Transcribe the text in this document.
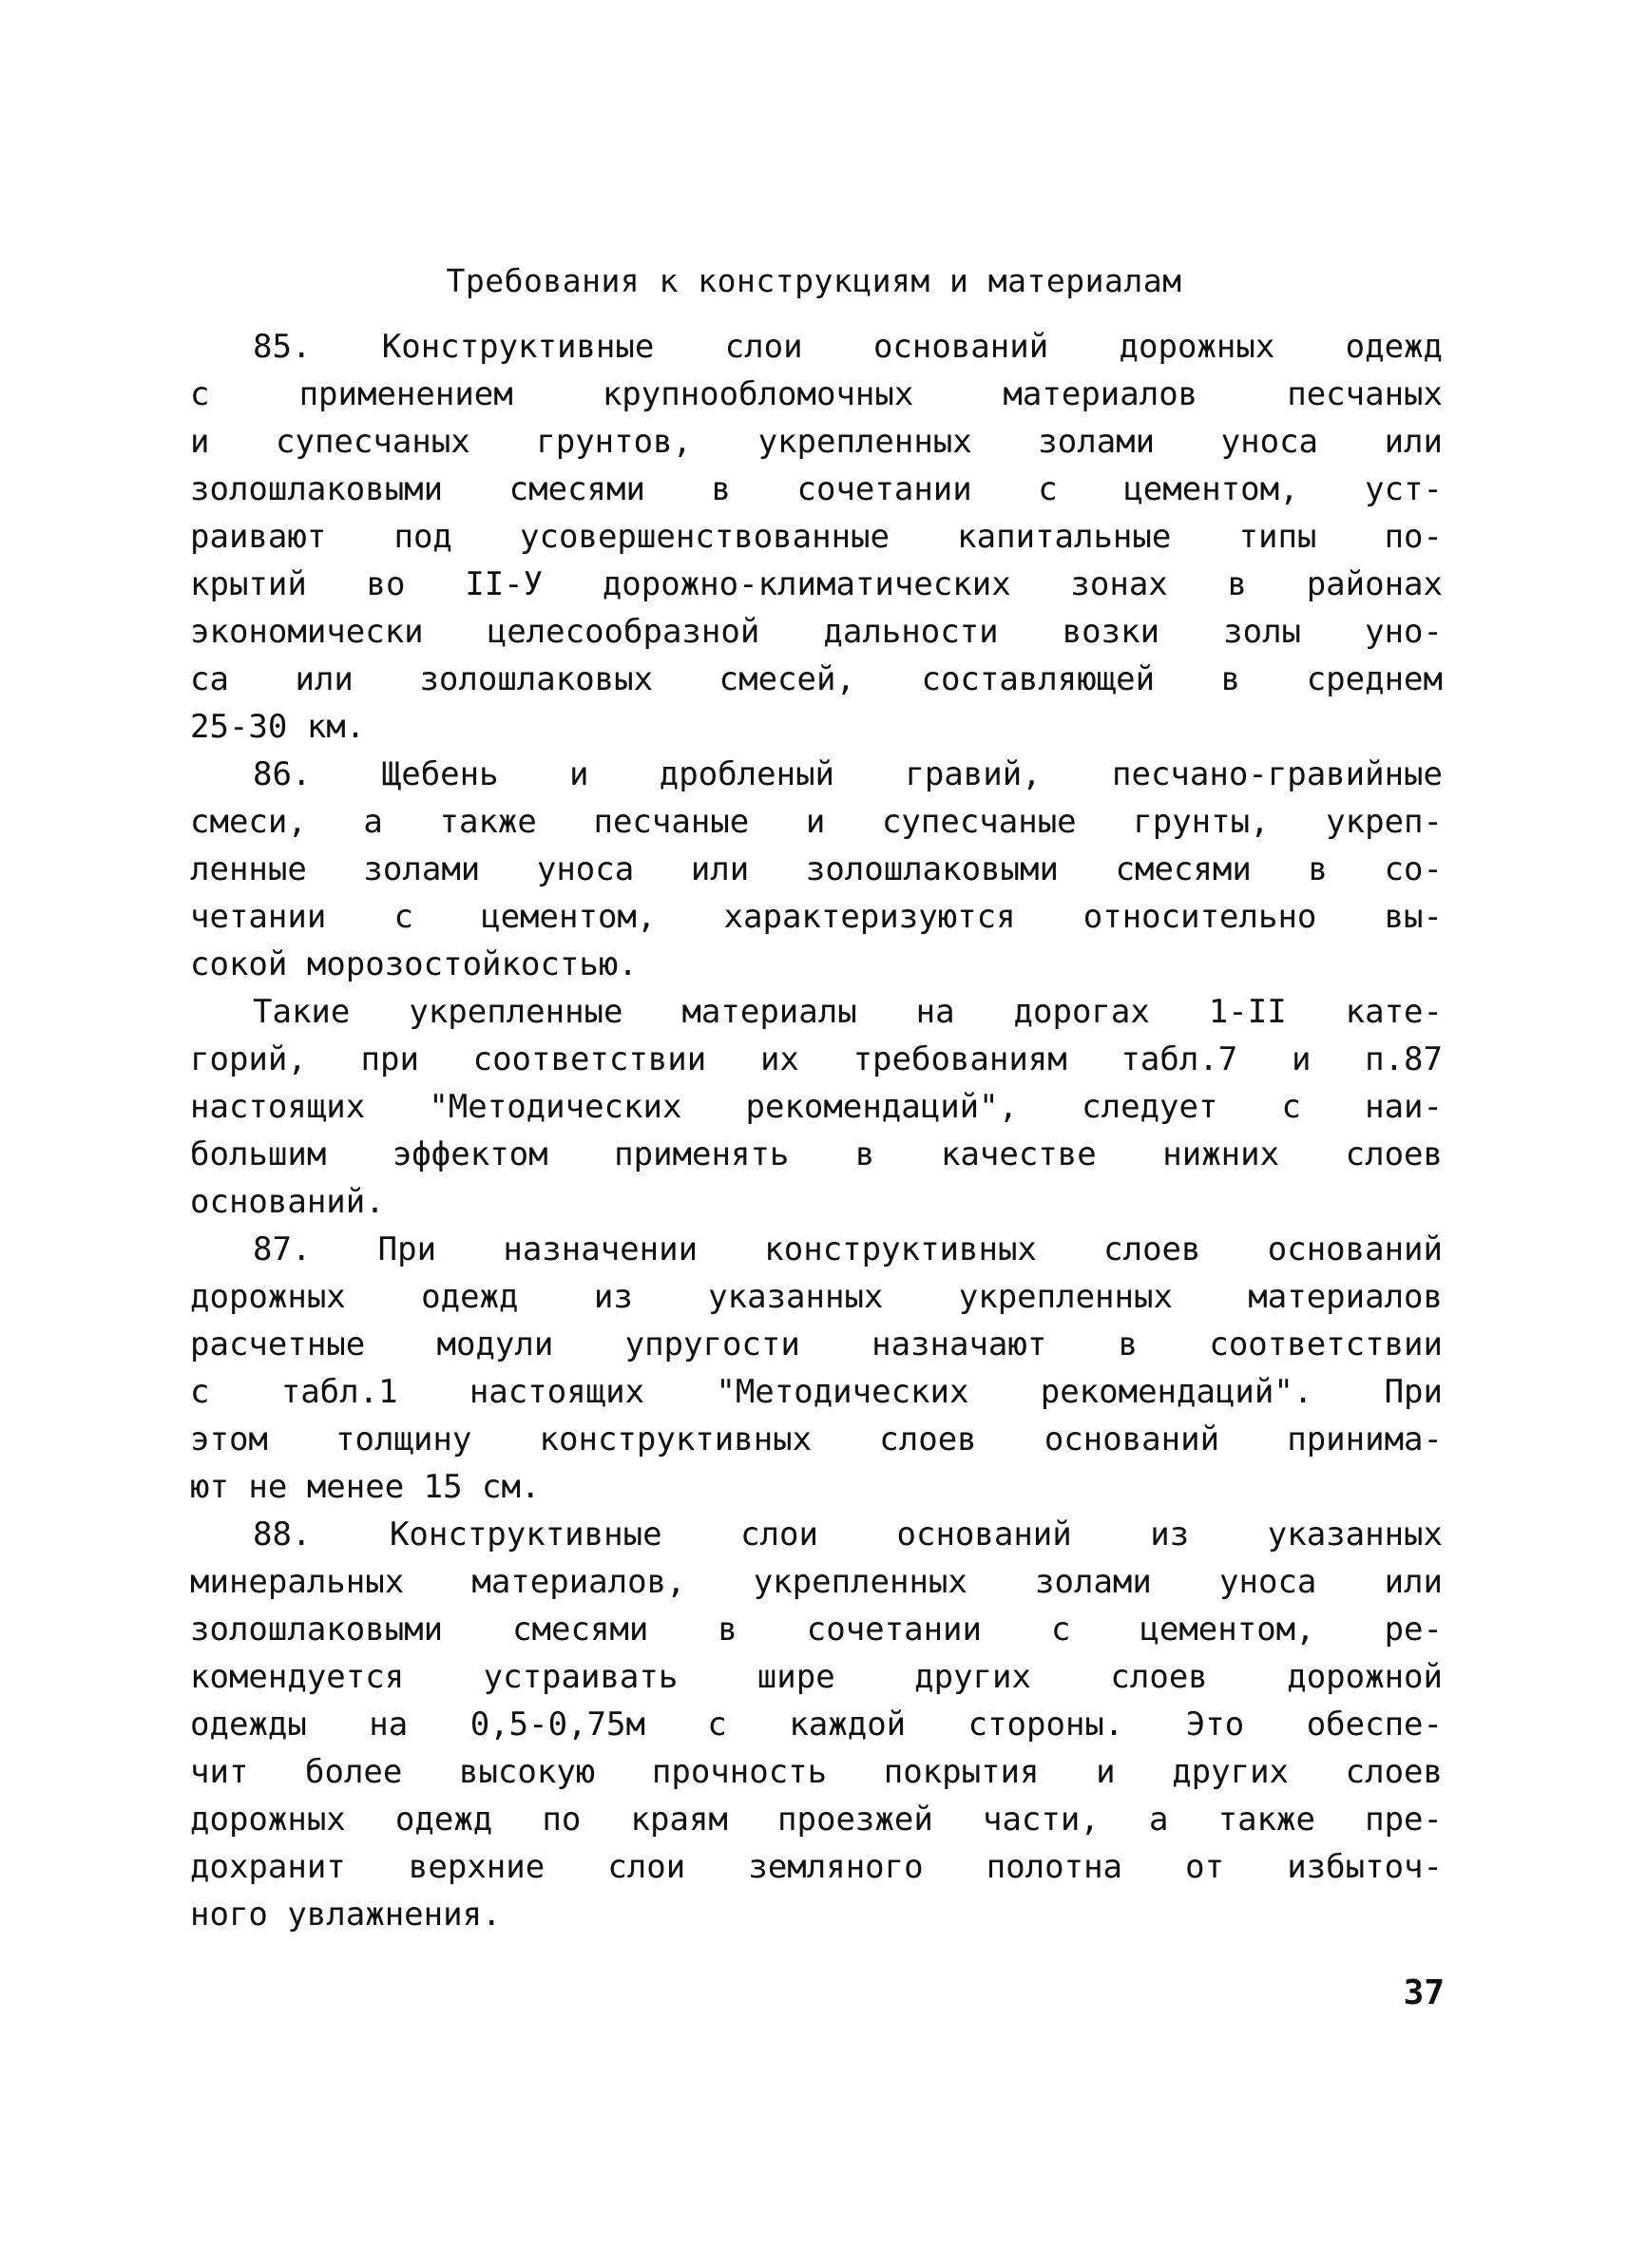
Требования к конструкциям и материалам
85. Конструктивные слои оснований дорожных одежд
с применением крупнообломочных материалов песчаных
и супесчаных грунтов, укрепленных золами уноса или
золошлаковыми смесями в сочетании с цементом, уст-
раивают под усовершенствованные капитальные типы по-
крытий во II-У дорожно-климатических зонах в районах
экономически целесообразной дальности возки золы уно-
са или золошлаковых смесей, составляющей в среднем
25-30 км.
86. Щебень и дробленый гравий, песчано-гравийные
смеси, а также песчаные и супесчаные грунты, укреп-
ленные золами уноса или золошлаковыми смесями в со-
четании с цементом, характеризуются относительно вы-
сокой морозостойкостью.
Такие укрепленные материалы на дорогах 1-II кате-
горий, при соответствии их требованиям табл.7 и п.87
настоящих "Методических рекомендаций", следует с наи-
большим эффектом применять в качестве нижних слоев
оснований.
87. При назначении конструктивных слоев оснований
дорожных одежд из указанных укрепленных материалов
расчетные модули упругости назначают в соответствии
с табл.1 настоящих "Методических рекомендаций". При
этом толщину конструктивных слоев оснований принима-
ют не менее 15 см.
88. Конструктивные слои оснований из указанных
минеральных материалов, укрепленных золами уноса или
золошлаковыми смесями в сочетании с цементом, ре-
комендуется устраивать шире других слоев дорожной
одежды на 0,5-0,75м с каждой стороны. Это обеспе-
чит более высокую прочность покрытия и других слоев
дорожных одежд по краям проезжей части, а также пре-
дохранит верхние слои земляного полотна от избыточ-
ного увлажнения.
37
